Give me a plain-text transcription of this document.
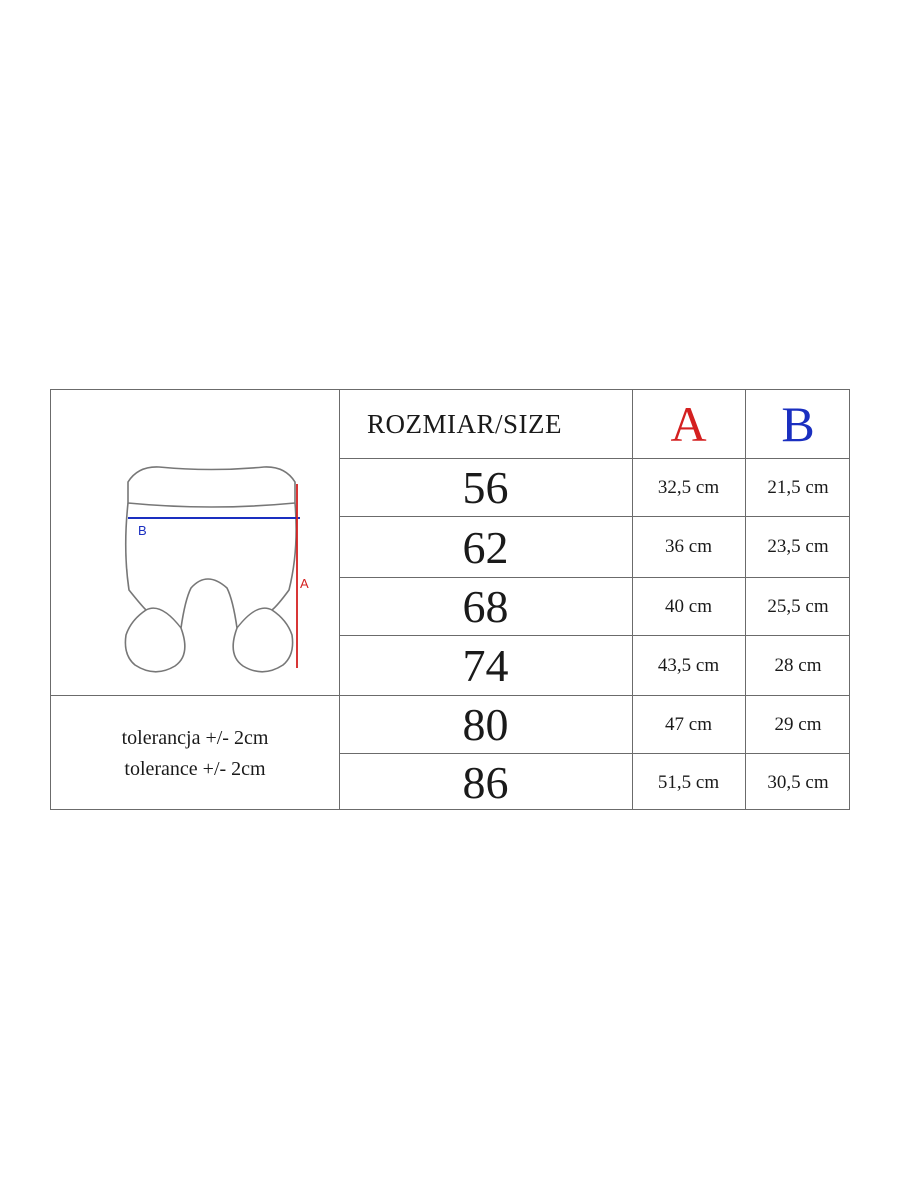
B
A
ROZMIAR/SIZE	A	B
56	32,5 cm	21,5 cm
62	36 cm	23,5 cm
68	40 cm	25,5 cm
74	43,5 cm	28 cm
80	47 cm	29 cm
86	51,5 cm	30,5 cm
tolerancja +/- 2cm
tolerance +/- 2cm
